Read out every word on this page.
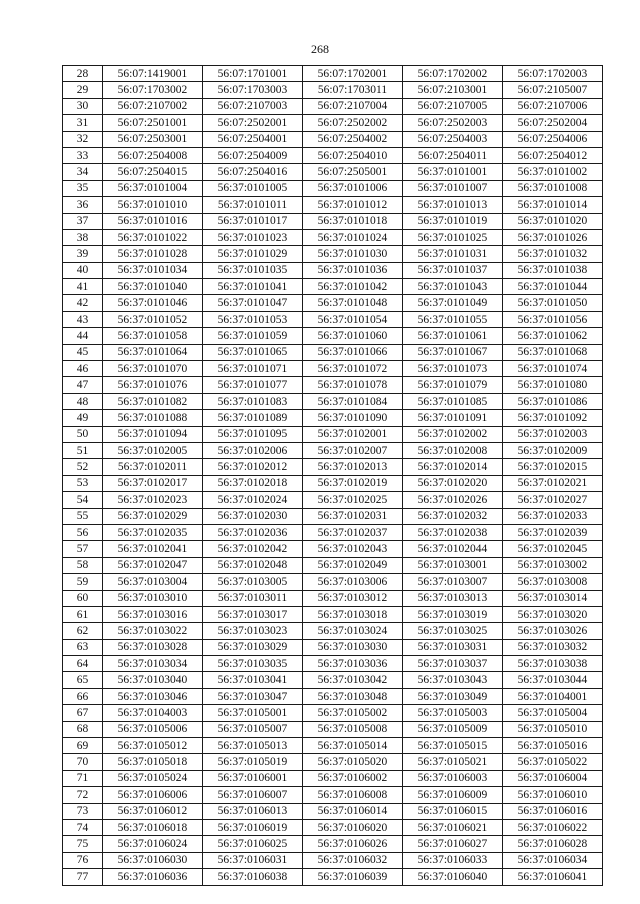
268
28	56:07:1419001	56:07:1701001	56:07:1702001	56:07:1702002	56:07:1702003
29	56:07:1703002	56:07:1703003	56:07:1703011	56:07:2103001	56:07:2105007
30	56:07:2107002	56:07:2107003	56:07:2107004	56:07:2107005	56:07:2107006
31	56:07:2501001	56:07:2502001	56:07:2502002	56:07:2502003	56:07:2502004
32	56:07:2503001	56:07:2504001	56:07:2504002	56:07:2504003	56:07:2504006
33	56:07:2504008	56:07:2504009	56:07:2504010	56:07:2504011	56:07:2504012
34	56:07:2504015	56:07:2504016	56:07:2505001	56:37:0101001	56:37:0101002
35	56:37:0101004	56:37:0101005	56:37:0101006	56:37:0101007	56:37:0101008
36	56:37:0101010	56:37:0101011	56:37:0101012	56:37:0101013	56:37:0101014
37	56:37:0101016	56:37:0101017	56:37:0101018	56:37:0101019	56:37:0101020
38	56:37:0101022	56:37:0101023	56:37:0101024	56:37:0101025	56:37:0101026
39	56:37:0101028	56:37:0101029	56:37:0101030	56:37:0101031	56:37:0101032
40	56:37:0101034	56:37:0101035	56:37:0101036	56:37:0101037	56:37:0101038
41	56:37:0101040	56:37:0101041	56:37:0101042	56:37:0101043	56:37:0101044
42	56:37:0101046	56:37:0101047	56:37:0101048	56:37:0101049	56:37:0101050
43	56:37:0101052	56:37:0101053	56:37:0101054	56:37:0101055	56:37:0101056
44	56:37:0101058	56:37:0101059	56:37:0101060	56:37:0101061	56:37:0101062
45	56:37:0101064	56:37:0101065	56:37:0101066	56:37:0101067	56:37:0101068
46	56:37:0101070	56:37:0101071	56:37:0101072	56:37:0101073	56:37:0101074
47	56:37:0101076	56:37:0101077	56:37:0101078	56:37:0101079	56:37:0101080
48	56:37:0101082	56:37:0101083	56:37:0101084	56:37:0101085	56:37:0101086
49	56:37:0101088	56:37:0101089	56:37:0101090	56:37:0101091	56:37:0101092
50	56:37:0101094	56:37:0101095	56:37:0102001	56:37:0102002	56:37:0102003
51	56:37:0102005	56:37:0102006	56:37:0102007	56:37:0102008	56:37:0102009
52	56:37:0102011	56:37:0102012	56:37:0102013	56:37:0102014	56:37:0102015
53	56:37:0102017	56:37:0102018	56:37:0102019	56:37:0102020	56:37:0102021
54	56:37:0102023	56:37:0102024	56:37:0102025	56:37:0102026	56:37:0102027
55	56:37:0102029	56:37:0102030	56:37:0102031	56:37:0102032	56:37:0102033
56	56:37:0102035	56:37:0102036	56:37:0102037	56:37:0102038	56:37:0102039
57	56:37:0102041	56:37:0102042	56:37:0102043	56:37:0102044	56:37:0102045
58	56:37:0102047	56:37:0102048	56:37:0102049	56:37:0103001	56:37:0103002
59	56:37:0103004	56:37:0103005	56:37:0103006	56:37:0103007	56:37:0103008
60	56:37:0103010	56:37:0103011	56:37:0103012	56:37:0103013	56:37:0103014
61	56:37:0103016	56:37:0103017	56:37:0103018	56:37:0103019	56:37:0103020
62	56:37:0103022	56:37:0103023	56:37:0103024	56:37:0103025	56:37:0103026
63	56:37:0103028	56:37:0103029	56:37:0103030	56:37:0103031	56:37:0103032
64	56:37:0103034	56:37:0103035	56:37:0103036	56:37:0103037	56:37:0103038
65	56:37:0103040	56:37:0103041	56:37:0103042	56:37:0103043	56:37:0103044
66	56:37:0103046	56:37:0103047	56:37:0103048	56:37:0103049	56:37:0104001
67	56:37:0104003	56:37:0105001	56:37:0105002	56:37:0105003	56:37:0105004
68	56:37:0105006	56:37:0105007	56:37:0105008	56:37:0105009	56:37:0105010
69	56:37:0105012	56:37:0105013	56:37:0105014	56:37:0105015	56:37:0105016
70	56:37:0105018	56:37:0105019	56:37:0105020	56:37:0105021	56:37:0105022
71	56:37:0105024	56:37:0106001	56:37:0106002	56:37:0106003	56:37:0106004
72	56:37:0106006	56:37:0106007	56:37:0106008	56:37:0106009	56:37:0106010
73	56:37:0106012	56:37:0106013	56:37:0106014	56:37:0106015	56:37:0106016
74	56:37:0106018	56:37:0106019	56:37:0106020	56:37:0106021	56:37:0106022
75	56:37:0106024	56:37:0106025	56:37:0106026	56:37:0106027	56:37:0106028
76	56:37:0106030	56:37:0106031	56:37:0106032	56:37:0106033	56:37:0106034
77	56:37:0106036	56:37:0106038	56:37:0106039	56:37:0106040	56:37:0106041
